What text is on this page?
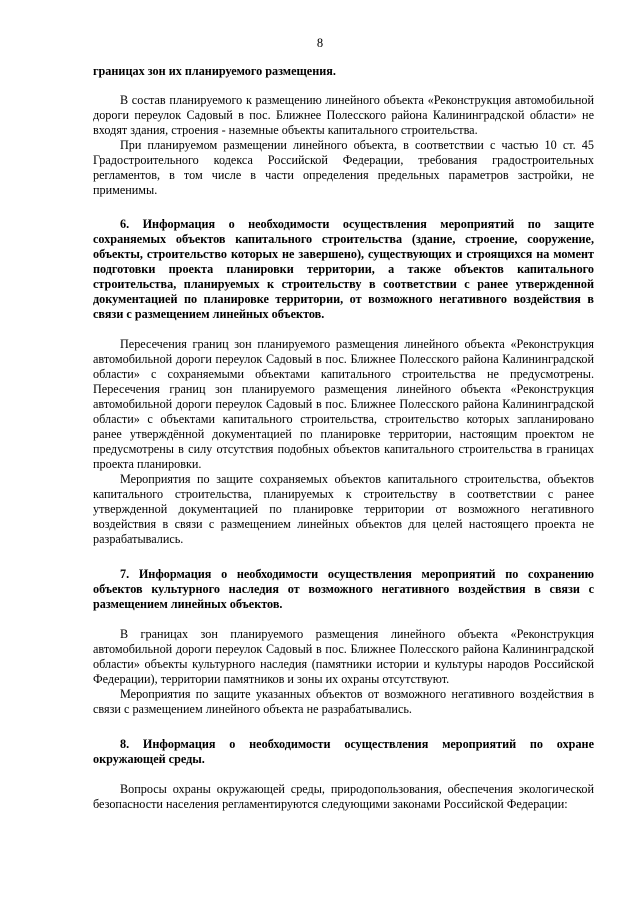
8

границах зон их планируемого размещения.

В состав планируемого к размещению линейного объекта «Реконструкция автомобильной дороги переулок Садовый в пос. Ближнее Полесского района Калининградской области» не входят здания, строения - наземные объекты капитального строительства.

При планируемом размещении линейного объекта, в соответствии с частью 10 ст. 45 Градостроительного кодекса Российской Федерации, требования градостроительных регламентов, в том числе в части определения предельных параметров застройки, не применимы.

6. Информация о необходимости осуществления мероприятий по защите сохраняемых объектов капитального строительства (здание, строение, сооружение, объекты, строительство которых не завершено), существующих и строящихся на момент подготовки проекта планировки территории, а также объектов капитального строительства, планируемых к строительству в соответствии с ранее утвержденной документацией по планировке территории, от возможного негативного воздействия в связи с размещением линейных объектов.

Пересечения границ зон планируемого размещения линейного объекта «Реконструкция автомобильной дороги переулок Садовый в пос. Ближнее Полесского района Калининградской области» с сохраняемыми объектами капитального строительства не предусмотрены. Пересечения границ зон планируемого размещения линейного объекта «Реконструкция автомобильной дороги переулок Садовый в пос. Ближнее Полесского района Калининградской области» с объектами капитального строительства, строительство которых запланировано ранее утверждённой документацией по планировке территории, настоящим проектом не предусмотрены в силу отсутствия подобных объектов капитального строительства в границах проекта планировки.

Мероприятия по защите сохраняемых объектов капитального строительства, объектов капитального строительства, планируемых к строительству в соответствии с ранее утвержденной документацией по планировке территории от возможного негативного воздействия в связи с размещением линейных объектов для целей настоящего проекта не разрабатывались.

7. Информация о необходимости осуществления мероприятий по сохранению объектов культурного наследия от возможного негативного воздействия в связи с размещением линейных объектов.

В границах зон планируемого размещения линейного объекта «Реконструкция автомобильной дороги переулок Садовый в пос. Ближнее Полесского района Калининградской области» объекты культурного наследия (памятники истории и культуры народов Российской Федерации), территории памятников и зоны их охраны отсутствуют.

Мероприятия по защите указанных объектов от возможного негативного воздействия в связи с размещением линейного объекта не разрабатывались.

8. Информация о необходимости осуществления мероприятий по охране окружающей среды.

Вопросы охраны окружающей среды, природопользования, обеспечения экологической безопасности населения регламентируются следующими законами Российской Федерации:
